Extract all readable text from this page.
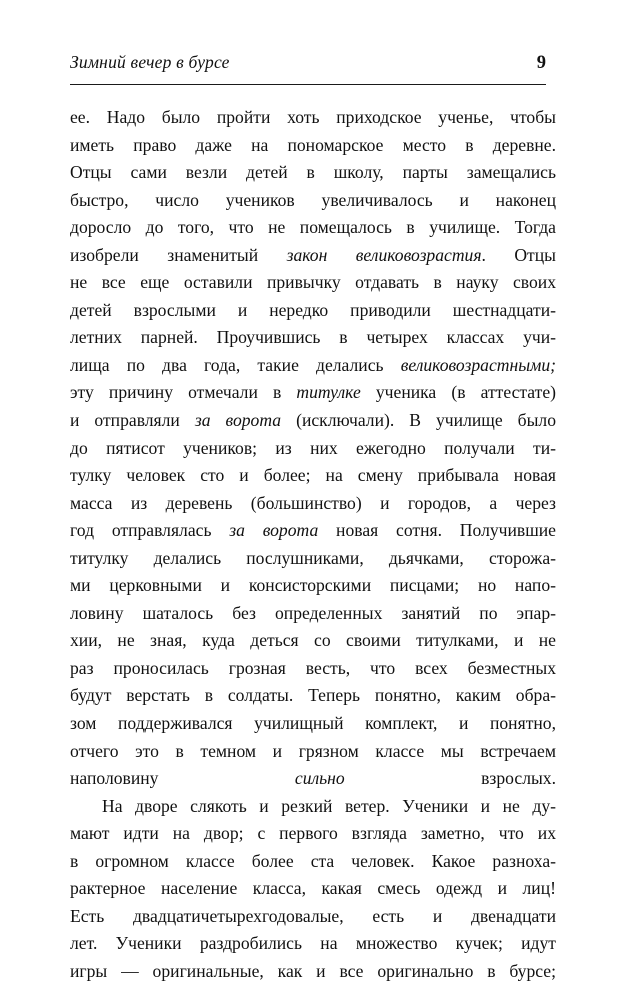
Зимний вечер в бурсе	9

ее. Надо было пройти хоть приходское ученье, чтобы
иметь право даже на пономарское место в деревне.
Отцы сами везли детей в школу, парты замещались
быстро, число учеников увеличивалось и наконец
доросло до того, что не помещалось в училище. Тогда
изобрели знаменитый закон великовозрастия. Отцы
не все еще оставили привычку отдавать в науку своих
детей взрослыми и нередко приводили шестнадцати-
летних парней. Проучившись в четырех классах учи-
лища по два года, такие делались великовозрастными;
эту причину отмечали в титулке ученика (в аттестате)
и отправляли за ворота (исключали). В училище было
до пятисот учеников; из них ежегодно получали ти-
тулку человек сто и более; на смену прибывала новая
масса из деревень (большинство) и городов, а через
год отправлялась за ворота новая сотня. Получившие
титулку делались послушниками, дьячками, сторожа-
ми церковными и консисторскими писцами; но напо-
ловину шаталось без определенных занятий по эпар-
хии, не зная, куда деться со своими титулками, и не
раз проносилась грозная весть, что всех безместных
будут верстать в солдаты. Теперь понятно, каким обра-
зом поддерживался училищный комплект, и понятно,
отчего это в темном и грязном классе мы встречаем
наполовину сильно взрослых.

На дворе слякоть и резкий ветер. Ученики и не ду-
мают идти на двор; с первого взгляда заметно, что их
в огромном классе более ста человек. Какое разноха-
рактерное население класса, какая смесь одежд и лиц!
Есть двадцатичетырехгодовалые, есть и двенадцати
лет. Ученики раздробились на множество кучек; идут
игры — оригинальные, как и все оригинально в бурсе;
